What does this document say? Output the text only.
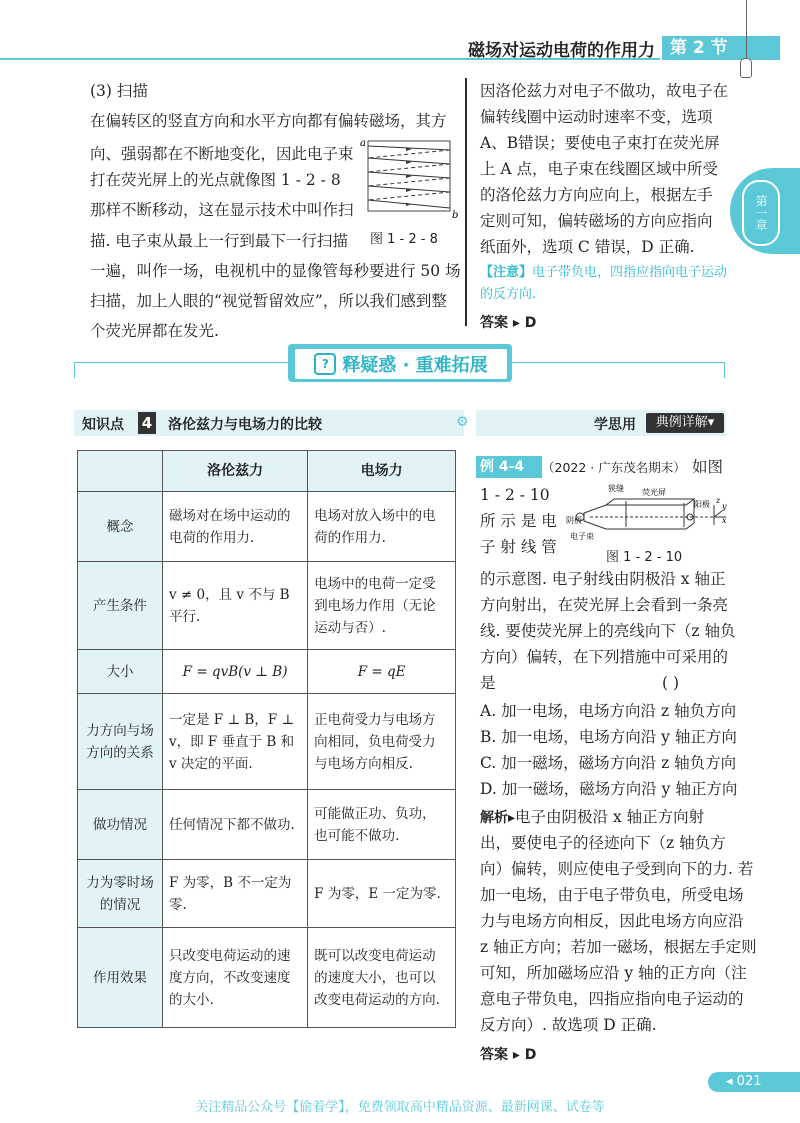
磁场对运动电荷的作用力 第 2 节
第一章
(3) 扫描
在偏转区的竖直方向和水平方向都有偏转磁场，其方
向、强弱都在不断地变化，因此电子束
打在荧光屏上的光点就像图 1 - 2 - 8
那样不断移动，这在显示技术中叫作扫
描. 电子束从最上一行到最下一行扫描
一遍，叫作一场，电视机中的显像管每秒要进行 50 场
扫描，加上人眼的“视觉暂留效应”，所以我们感到整
个荧光屏都在发光.
a
b
图 1 - 2 - 8
因洛伦兹力对电子不做功，故电子在
偏转线圈中运动时速率不变，选项
A、B错误；要使电子束打在荧光屏
上 A 点，电子束在线圈区域中所受
的洛伦兹力方向应向上，根据左手
定则可知，偏转磁场的方向应指向
纸面外，选项 C 错误，D 正确.
【注意】电子带负电，四指应指向电子运动
的反方向.
答案 ▸ D
? 释疑惑 · 重难拓展
知识点 4 洛伦兹力与电场力的比较	⚙	学思用	典例详解▾
	洛伦兹力	电场力
概念	磁场对在场中运动的电荷的作用力.	电场对放入场中的电荷的作用力.
产生条件	v ≠ 0，且 v 不与 B 平行.	电场中的电荷一定受到电场力作用（无论运动与否）.
大小	F = qvB(v ⊥ B)	F = qE
力方向与场方向的关系	一定是 F ⊥ B，F ⊥ v，即 F 垂直于 B 和 v 决定的平面.	正电荷受力与电场方向相同，负电荷受力与电场方向相反.
做功情况	任何情况下都不做功.	可能做正功、负功，也可能不做功.
力为零时场的情况	F 为零，B 不一定为零.	F 为零，E 一定为零.
作用效果	只改变电荷运动的速度方向，不改变速度的大小.	既可以改变电荷运动的速度大小，也可以改变电荷运动的方向.
例 4-4	（2022 · 广东茂名期末） 如图
1 - 2 - 10
所 示 是 电
子 射 线 管
狭缝 荧光屏
阴极
阳极
电子束
z
y
x
图 1 - 2 - 10
的示意图. 电子射线由阴极沿 x 轴正
方向射出，在荧光屏上会看到一条亮
线. 要使荧光屏上的亮线向下（z 轴负
方向）偏转，在下列措施中可采用的
是	( )
A. 加一电场，电场方向沿 z 轴负方向
B. 加一电场，电场方向沿 y 轴正方向
C. 加一磁场，磁场方向沿 z 轴负方向
D. 加一磁场，磁场方向沿 y 轴正方向
解析▸电子由阴极沿 x 轴正方向射
出，要使电子的径迹向下（z 轴负方
向）偏转，则应使电子受到向下的力. 若
加一电场，由于电子带负电，所受电场
力与电场方向相反，因此电场方向应沿
z 轴正方向；若加一磁场，根据左手定则
可知，所加磁场应沿 y 轴的正方向（注
意电子带负电，四指应指向电子运动的
反方向）. 故选项 D 正确.
答案 ▸ D
◂ 021
关注精品公众号【偷着学】，免费领取高中精品资源、最新网课、试卷等
